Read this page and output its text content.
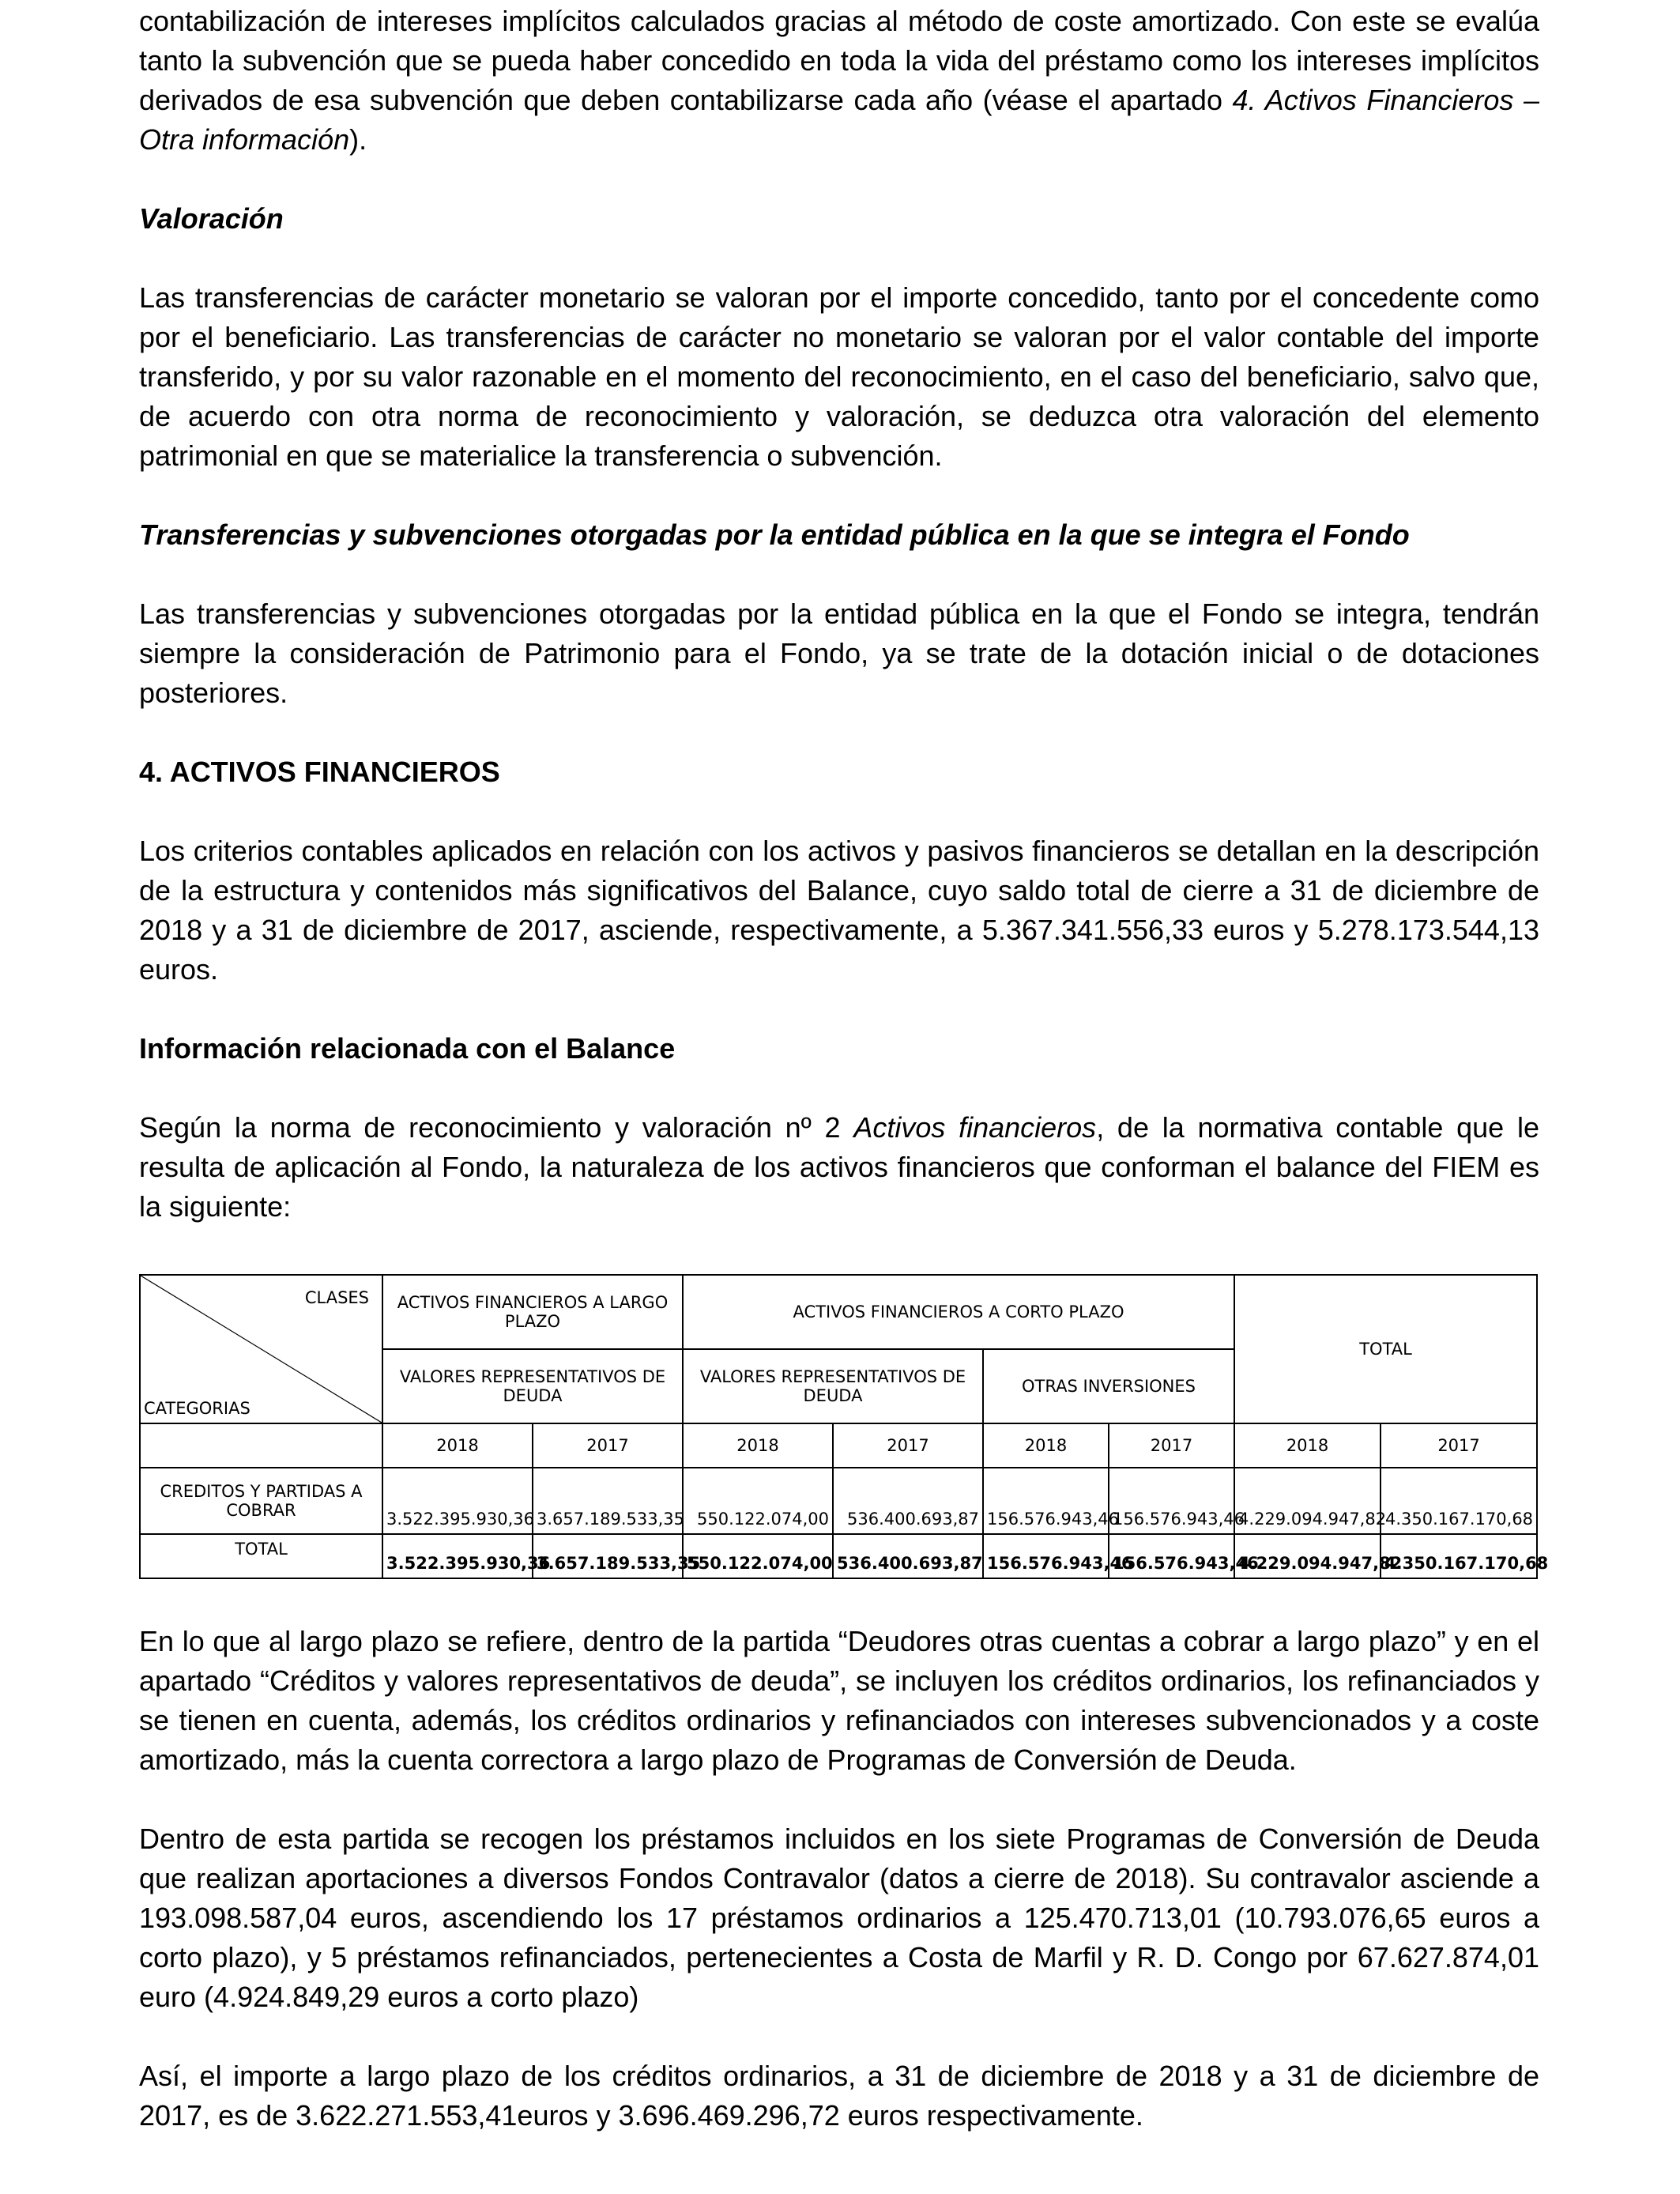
contabilización de intereses implícitos calculados gracias al método de coste amortizado. Con este se evalúa tanto la subvención que se pueda haber concedido en toda la vida del préstamo como los intereses implícitos derivados de esa subvención que deben contabilizarse cada año (véase el apartado 4. Activos Financieros – Otra información).

Valoración

Las transferencias de carácter monetario se valoran por el importe concedido, tanto por el concedente como por el beneficiario. Las transferencias de carácter no monetario se valoran por el valor contable del importe transferido, y por su valor razonable en el momento del reconocimiento, en el caso del beneficiario, salvo que, de acuerdo con otra norma de reconocimiento y valoración, se deduzca otra valoración del elemento patrimonial en que se materialice la transferencia o subvención.

Transferencias y subvenciones otorgadas por la entidad pública en la que se integra el Fondo

Las transferencias y subvenciones otorgadas por la entidad pública en la que el Fondo se integra, tendrán siempre la consideración de Patrimonio para el Fondo, ya se trate de la dotación inicial o de dotaciones posteriores.

4. ACTIVOS FINANCIEROS

Los criterios contables aplicados en relación con los activos y pasivos financieros se detallan en la descripción de la estructura y contenidos más significativos del Balance, cuyo saldo total de cierre a 31 de diciembre de 2018 y a 31 de diciembre de 2017, asciende, respectivamente, a 5.367.341.556,33 euros y 5.278.173.544,13 euros.

Información relacionada con el Balance

Según la norma de reconocimiento y valoración nº 2 Activos financieros, de la normativa contable que le resulta de aplicación al Fondo, la naturaleza de los activos financieros que conforman el balance del FIEM es la siguiente:

CLASES
CATEGORIAS	ACTIVOS FINANCIEROS A LARGO PLAZO		ACTIVOS FINANCIEROS A CORTO PLAZO				TOTAL	
	VALORES REPRESENTATIVOS DE DEUDA		VALORES REPRESENTATIVOS DE DEUDA		OTRAS INVERSIONES			
	2018	2017	2018	2017	2018	2017	2018	2017
CREDITOS Y PARTIDAS A COBRAR	3.522.395.930,36	3.657.189.533,35	550.122.074,00	536.400.693,87	156.576.943,46	156.576.943,46	4.229.094.947,82	4.350.167.170,68
TOTAL	3.522.395.930,36	3.657.189.533,35	550.122.074,00	536.400.693,87	156.576.943,46	156.576.943,46	4.229.094.947,82	4.350.167.170,68

En lo que al largo plazo se refiere, dentro de la partida “Deudores otras cuentas a cobrar a largo plazo” y en el apartado “Créditos y valores representativos de deuda”, se incluyen los créditos ordinarios, los refinanciados y se tienen en cuenta, además, los créditos ordinarios y refinanciados con intereses subvencionados y a coste amortizado, más la cuenta correctora a largo plazo de Programas de Conversión de Deuda.

Dentro de esta partida se recogen los préstamos incluidos en los siete Programas de Conversión de Deuda que realizan aportaciones a diversos Fondos Contravalor (datos a cierre de 2018). Su contravalor asciende a 193.098.587,04 euros, ascendiendo los 17 préstamos ordinarios a 125.470.713,01 (10.793.076,65 euros a corto plazo), y 5 préstamos refinanciados, pertenecientes a Costa de Marfil y R. D. Congo por 67.627.874,01 euro (4.924.849,29 euros a corto plazo)

Así, el importe a largo plazo de los créditos ordinarios, a 31 de diciembre de 2018 y a 31 de diciembre de 2017, es de 3.622.271.553,41euros y 3.696.469.296,72 euros respectivamente.
